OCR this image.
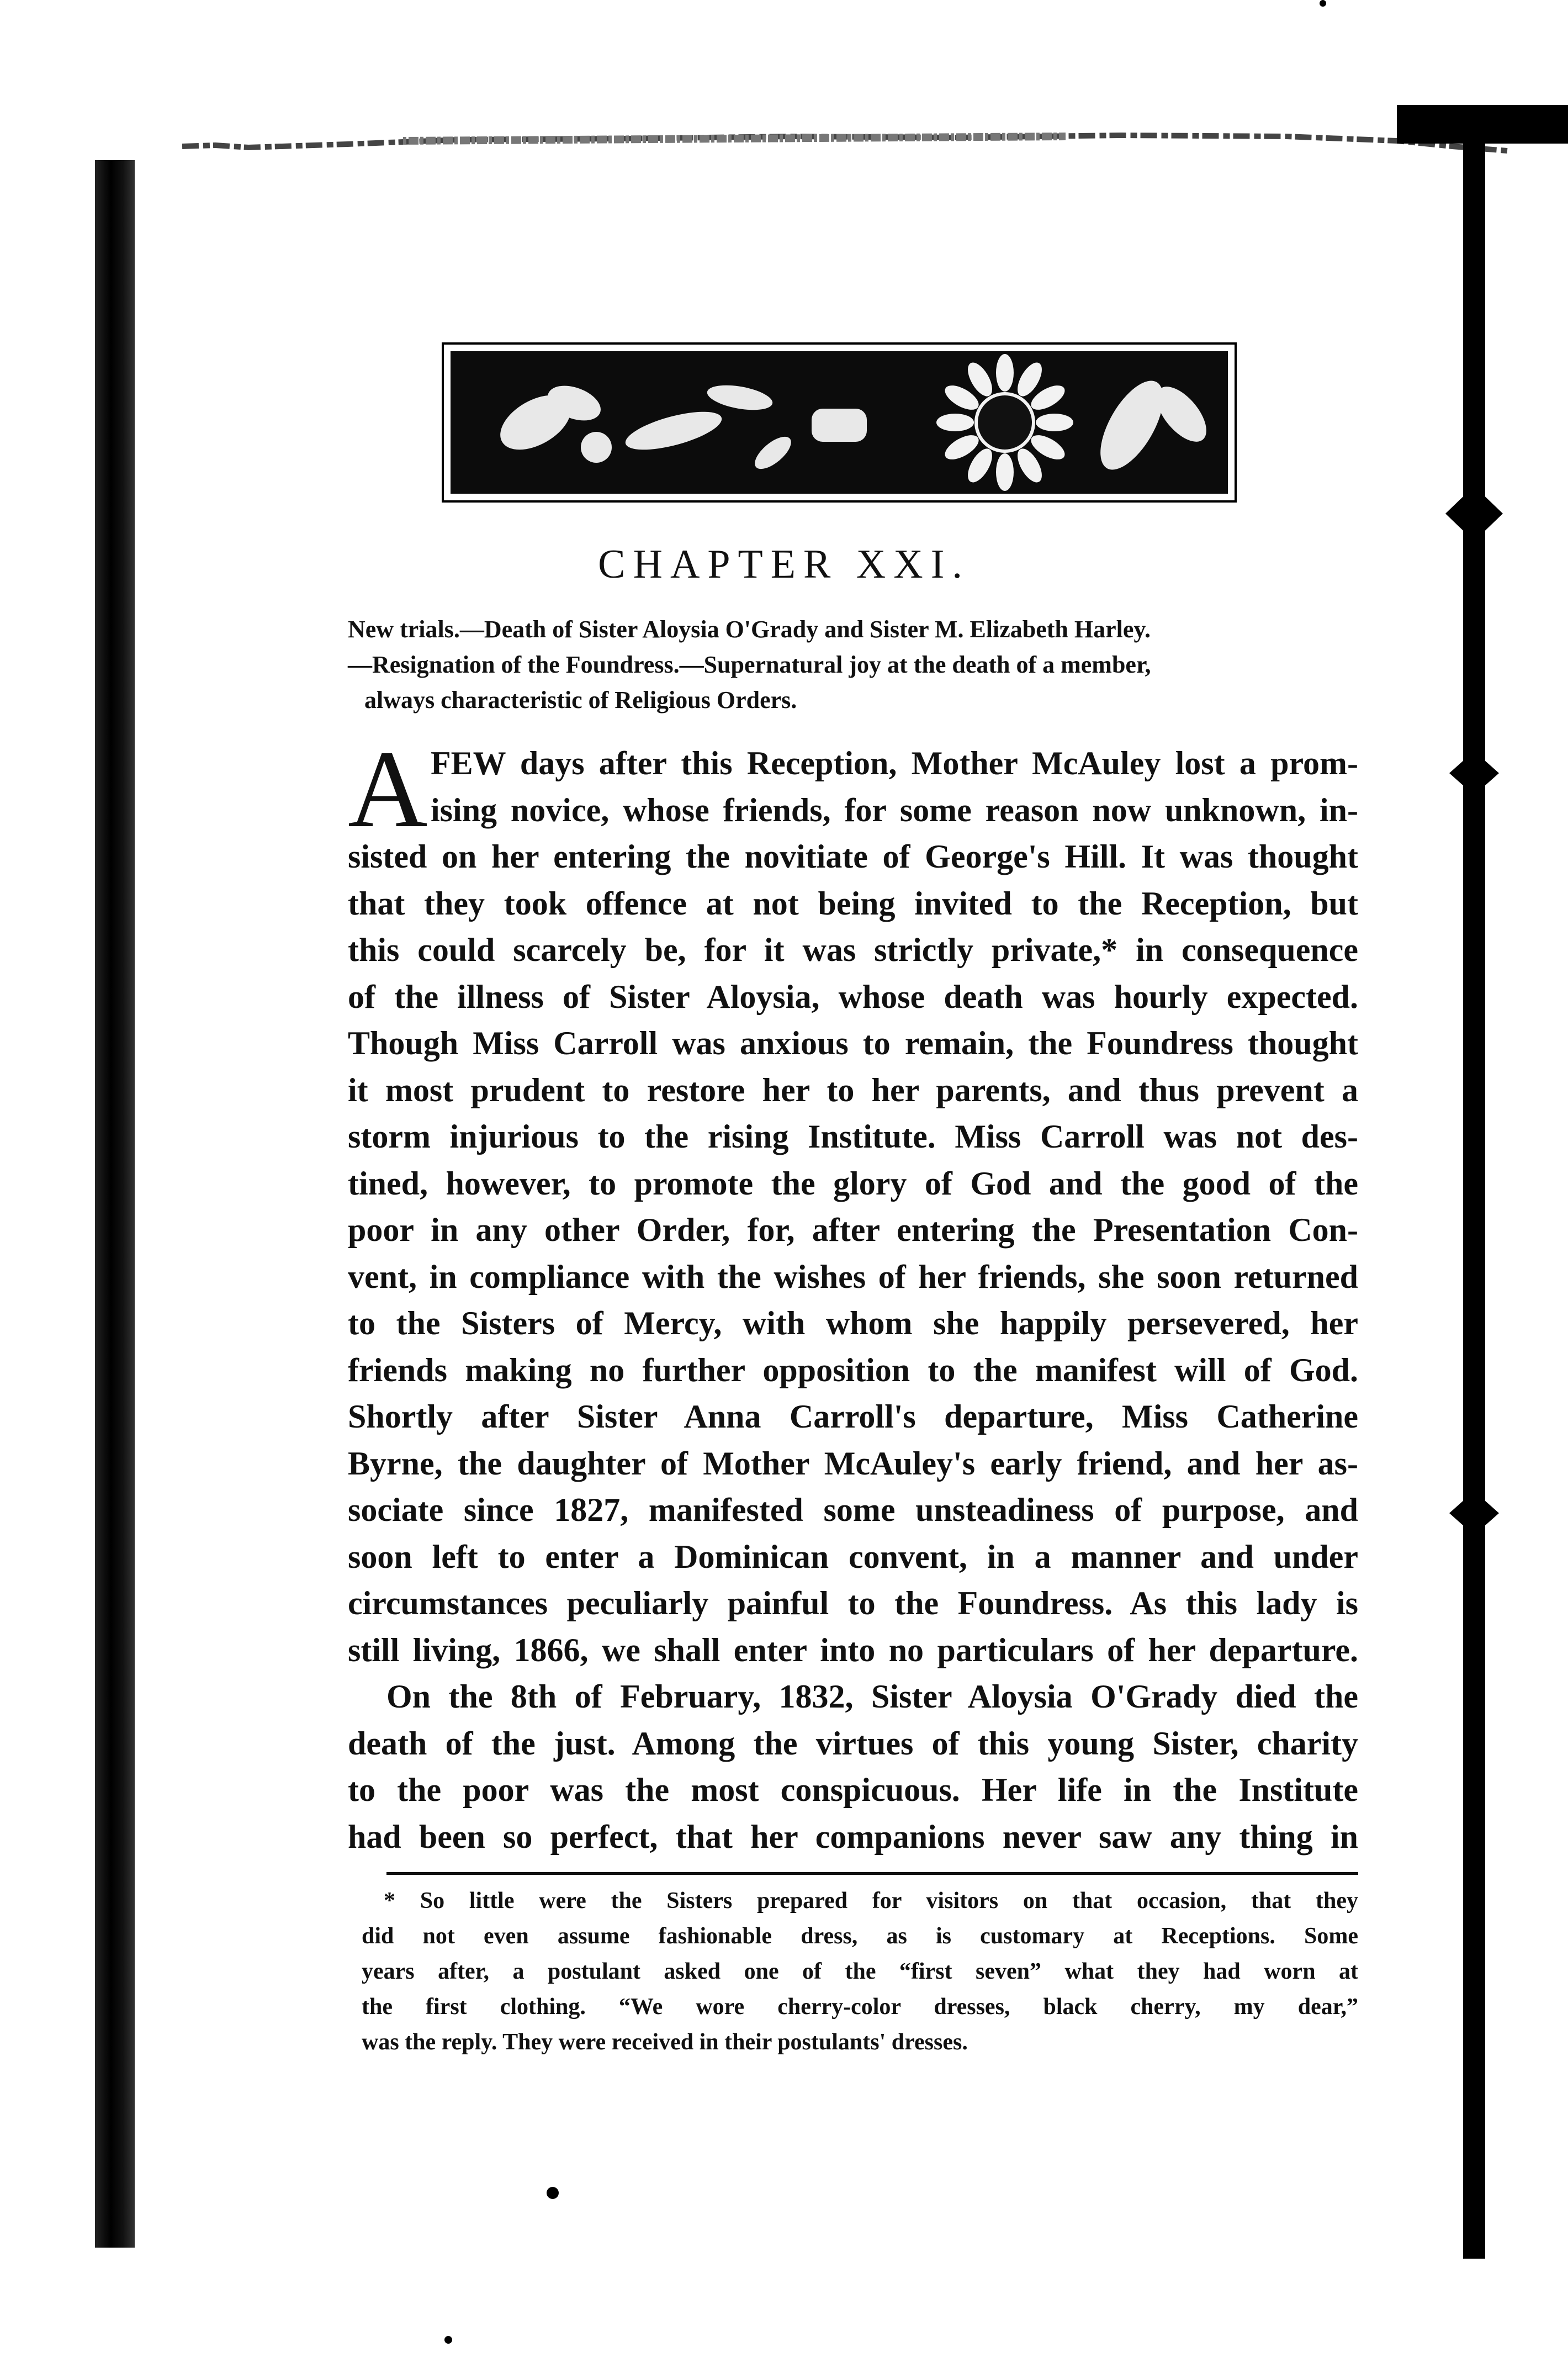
CHAPTER XXI.
New trials.—Death of Sister Aloysia O'Grady and Sister M. Elizabeth Harley.
—Resignation of the Foundress.—Supernatural joy at the death of a member,
always characteristic of Religious Orders.
A FEW days after this Reception, Mother McAuley lost a prom-
ising novice, whose friends, for some reason now unknown, in-
sisted on her entering the novitiate of George's Hill. It was thought
that they took offence at not being invited to the Reception, but
this could scarcely be, for it was strictly private,* in consequence
of the illness of Sister Aloysia, whose death was hourly expected.
Though Miss Carroll was anxious to remain, the Foundress thought
it most prudent to restore her to her parents, and thus prevent a
storm injurious to the rising Institute. Miss Carroll was not des-
tined, however, to promote the glory of God and the good of the
poor in any other Order, for, after entering the Presentation Con-
vent, in compliance with the wishes of her friends, she soon returned
to the Sisters of Mercy, with whom she happily persevered, her
friends making no further opposition to the manifest will of God.
Shortly after Sister Anna Carroll's departure, Miss Catherine
Byrne, the daughter of Mother McAuley's early friend, and her as-
sociate since 1827, manifested some unsteadiness of purpose, and
soon left to enter a Dominican convent, in a manner and under
circumstances peculiarly painful to the Foundress. As this lady is
still living, 1866, we shall enter into no particulars of her departure.
On the 8th of February, 1832, Sister Aloysia O'Grady died the
death of the just. Among the virtues of this young Sister, charity
to the poor was the most conspicuous. Her life in the Institute
had been so perfect, that her companions never saw any thing in
* So little were the Sisters prepared for visitors on that occasion, that they
did not even assume fashionable dress, as is customary at Receptions. Some
years after, a postulant asked one of the “first seven” what they had worn at
the first clothing. “We wore cherry-color dresses, black cherry, my dear,”
was the reply. They were received in their postulants' dresses.
